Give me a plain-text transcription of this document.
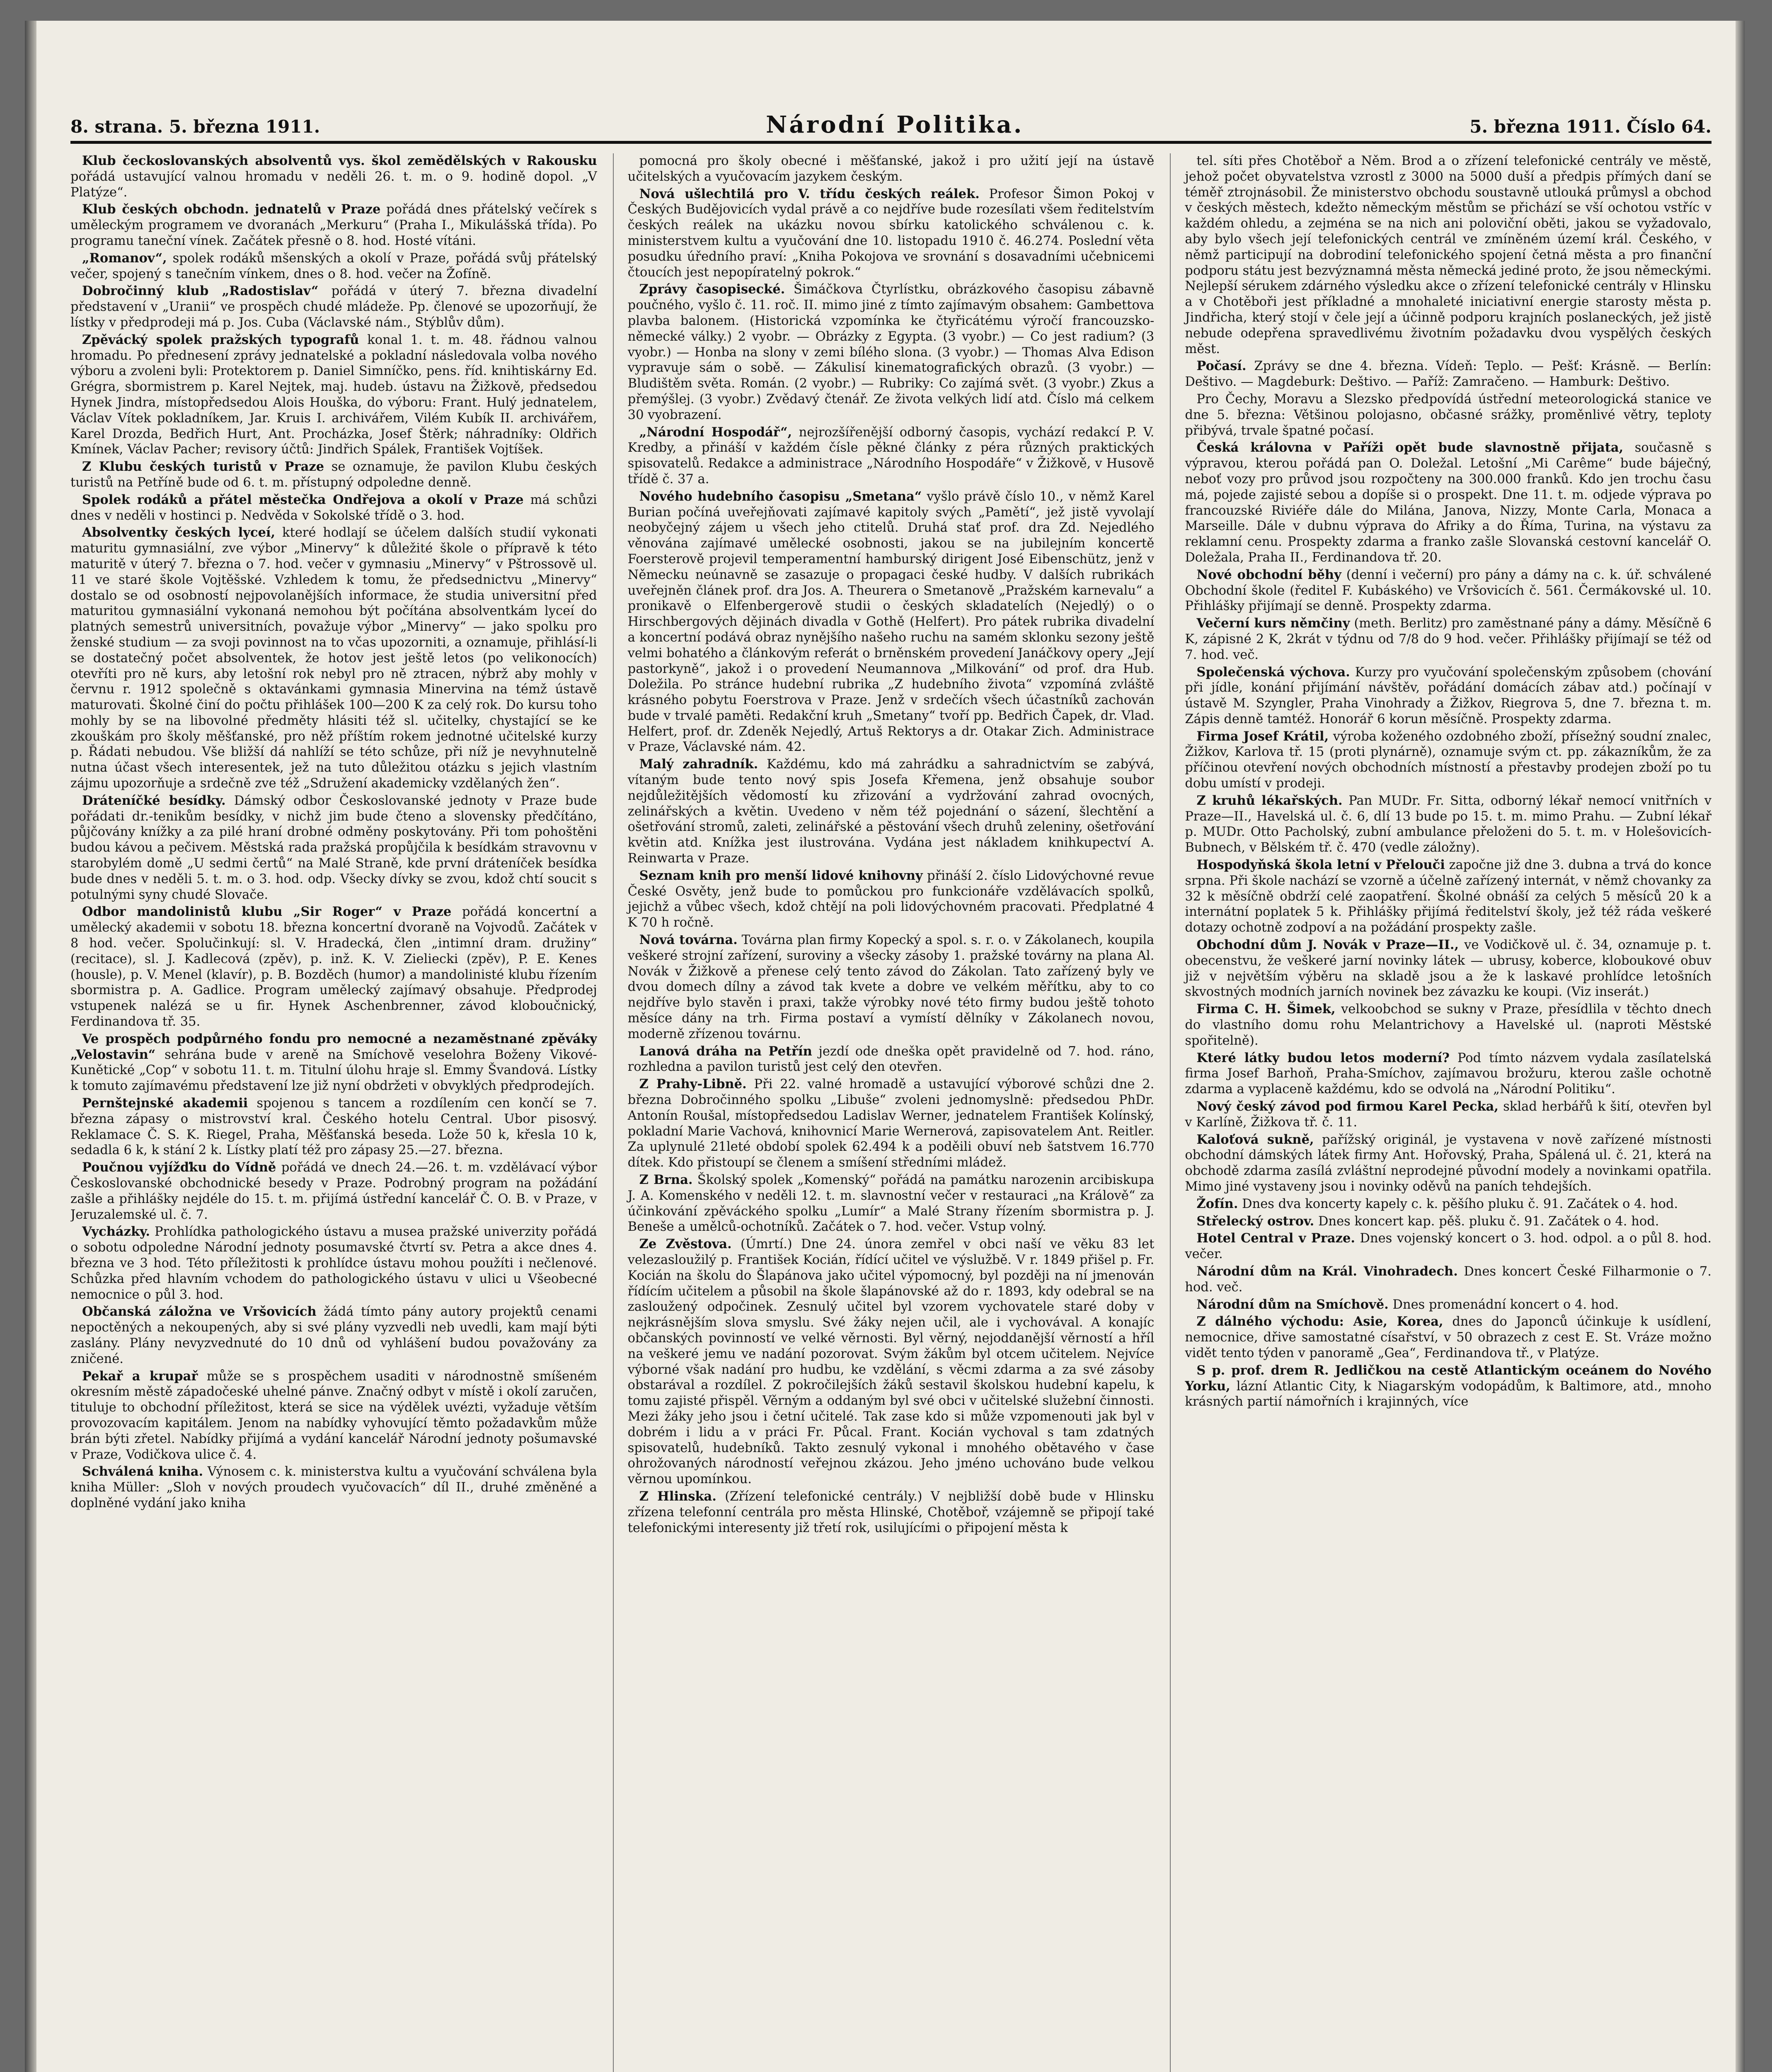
8. strana. 5. března 1911.	Národní Politika.	5. března 1911. Číslo 64.

Klub čeckoslovanských absolventů vys. škol zemědělských v Rakousku pořádá ustavující valnou hromadu v neděli 26. t. m. o 9. hodině dopol. „V Platýze“.

Klub českých obchodn. jednatelů v Praze pořádá dnes přátelský večírek s uměleckým programem ve dvoranách „Merkuru“ (Praha I., Mikulášská třída). Po programu taneční vínek. Začátek přesně o 8. hod. Hosté vítáni.

„Romanov“, spolek rodáků mšenských a okolí v Praze, pořádá svůj přátelský večer, spojený s tanečním vínkem, dnes o 8. hod. večer na Žofíně.

Dobročinný klub „Radostislav“ pořádá v úterý 7. března divadelní představení v „Uranii“ ve prospěch chudé mládeže. Pp. členové se upozorňují, že lístky v předprodeji má p. Jos. Cuba (Václavské nám., Stýblův dům).

Zpěvácký spolek pražských typografů konal 1. t. m. 48. řádnou valnou hromadu. Po přednesení zprávy jednatelské a pokladní následovala volba nového výboru a zvoleni byli: Protektorem p. Daniel Simníčko, pens. říd. knihtiskárny Ed. Grégra, sbormistrem p. Karel Nejtek, maj. hudeb. ústavu na Žižkově, předsedou Hynek Jindra, místopředsedou Alois Houška, do výboru: Frant. Hulý jednatelem, Václav Vítek pokladníkem, Jar. Kruis I. archivářem, Vilém Kubík II. archivářem, Karel Drozda, Bedřich Hurt, Ant. Procházka, Josef Štěrk; náhradníky: Oldřich Kmínek, Václav Pacher; revisory účtů: Jindřich Spálek, František Vojtíšek.

Z Klubu českých turistů v Praze se oznamuje, že pavilon Klubu českých turistů na Petříně bude od 6. t. m. přístupný odpoledne denně.

Spolek rodáků a přátel městečka Ondřejova a okolí v Praze má schůzi dnes v neděli v hostinci p. Nedvěda v Sokolské třídě o 3. hod.

Absolventky českých lyceí, které hodlají se účelem dalších studií vykonati maturitu gymnasiální, zve výbor „Minervy“ k důležité škole o přípravě k této maturitě v úterý 7. března o 7. hod. večer v gymnasiu „Minervy“ v Pštrossově ul. 11 ve staré škole Vojtěšské. Vzhledem k tomu, že předsednictvu „Minervy“ dostalo se od osobností nejpovolanějších informace, že studia universitní před maturitou gymnasiální vykonaná nemohou být počítána absolventkám lyceí do platných semestrů universitních, považuje výbor „Minervy“ — jako spolku pro ženské studium — za svoji povinnost na to včas upozorniti, a oznamuje, přihlásí-li se dostatečný počet absolventek, že hotov jest ještě letos (po velikonocích) otevříti pro ně kurs, aby letošní rok nebyl pro ně ztracen, nýbrž aby mohly v červnu r. 1912 společně s oktavánkami gymnasia Minervina na témž ústavě maturovati. Školné činí do počtu přihlášek 100—200 K za celý rok. Do kursu toho mohly by se na libovolné předměty hlásiti též sl. učitelky, chystající se ke zkouškám pro školy měšťanské, pro něž příštím rokem jednotné učitelské kurzy p. Řádati nebudou. Vše bližší dá nahlíží se této schůze, při níž je nevyhnutelně nutna účast všech interesentek, jež na tuto důležitou otázku s jejich vlastním zájmu upozorňuje a srdečně zve též „Sdružení akademicky vzdělaných žen“.

Dráteníčké besídky. Dámský odbor Českoslovanské jednoty v Praze bude pořádati dr.-tenikům besídky, v nichž jim bude čteno a slovensky předčítáno, půjčovány knížky a za pilé hraní drobné odměny poskytovány. Při tom pohoštěni budou kávou a pečivem. Městská rada pražská propůjčila k besídkám stravovnu v starobylém domě „U sedmi čertů“ na Malé Straně, kde první dráteníček besídka bude dnes v neděli 5. t. m. o 3. hod. odp. Všecky dívky se zvou, kdož chtí soucit s potulnými syny chudé Slovače.

Odbor mandolinistů klubu „Sir Roger“ v Praze pořádá koncertní a umělecký akademii v sobotu 18. března koncertní dvoraně na Vojvodů. Začátek v 8 hod. večer. Spolučinkují: sl. V. Hradecká, člen „intimní dram. družiny“ (recitace), sl. J. Kadlecová (zpěv), p. inž. K. V. Zieliecki (zpěv), P. E. Kenes (housle), p. V. Menel (klavír), p. B. Bozděch (humor) a mandolinisté klubu řízením sbormistra p. A. Gadlice. Program umělecký zajímavý obsahuje. Předprodej vstupenek nalézá se u fir. Hynek Aschenbrenner, závod kloboučnický, Ferdinandova tř. 35.

Ve prospěch podpůrného fondu pro nemocné a nezaměstnané zpěváky „Velostavin“ sehrána bude v areně na Smíchově veselohra Boženy Vikové-Kunětické „Cop“ v sobotu 11. t. m. Titulní úlohu hraje sl. Emmy Švandová. Lístky k tomuto zajímavému představení lze již nyní obdržeti v obvyklých předprodejích.

Pernštejnské akademii spojenou s tancem a rozdílením cen končí se 7. března zápasy o mistrovství kral. Českého hotelu Central. Ubor pisosvý. Reklamace Č. S. K. Riegel, Praha, Měšťanská beseda. Lože 50 k, křesla 10 k, sedadla 6 k, k stání 2 k. Lístky platí též pro zápasy 25.—27. března.

Poučnou vyjížďku do Vídně pořádá ve dnech 24.—26. t. m. vzdělávací výbor Českoslovanské obchodnické besedy v Praze. Podrobný program na požádání zašle a přihlášky nejdéle do 15. t. m. přijímá ústřední kancelář Č. O. B. v Praze, v Jeruzalemské ul. č. 7.

Vycházky. Prohlídka pathologického ústavu a musea pražské univerzity pořádá o sobotu odpoledne Národní jednoty posumavské čtvrtí sv. Petra a akce dnes 4. března ve 3 hod. Této příležitosti k prohlídce ústavu mohou použíti i nečlenové. Schůzka před hlavním vchodem do pathologického ústavu v ulici u Všeobecné nemocnice o půl 3. hod.

Občanská záložna ve Vršovicích žádá tímto pány autory projektů cenami nepoctěných a nekoupených, aby si své plány vyzvedli neb uvedli, kam mají býti zaslány. Plány nevyzvednuté do 10 dnů od vyhlášení budou považovány za zničené.

Pekař a krupař může se s prospěchem usaditi v národnostně smíšeném okresním městě západočeské uhelné pánve. Značný odbyt v místě i okolí zaručen, tituluje to obchodní příležitost, která se sice na výdělek uvézti, vyžaduje větším provozovacím kapitálem. Jenom na nabídky vyhovující těmto požadavkům může brán býti zřetel. Nabídky přijímá a vydání kancelář Národní jednoty pošumavské v Praze, Vodičkova ulice č. 4.

Schválená kniha. Výnosem c. k. ministerstva kultu a vyučování schválena byla kniha Müller: „Sloh v nových proudech vyučovacích“ díl II., druhé změněné a doplněné vydání jako kniha

pomocná pro školy obecné i měšťanské, jakož i pro užití její na ústavě učitelských a vyučovacím jazykem českým.

Nová ušlechtilá pro V. třídu českých reálek. Profesor Šimon Pokoj v Českých Budějovicích vydal právě a co nejdříve bude rozesílati všem ředitelstvím českých reálek na ukázku novou sbírku katolického schválenou c. k. ministerstvem kultu a vyučování dne 10. listopadu 1910 č. 46.274. Poslední věta posudku úředního praví: „Kniha Pokojova ve srovnání s dosavadními učebnicemi čtoucích jest nepopíratelný pokrok.“

Zprávy časopisecké. Šimáčkova Čtyrlístku, obrázkového časopisu zábavně poučného, vyšlo č. 11. roč. II. mimo jiné z tímto zajímavým obsahem: Gambettova plavba balonem. (Historická vzpomínka ke čtyřicátému výročí francouzsko-německé války.) 2 vyobr. — Obrázky z Egypta. (3 vyobr.) — Co jest radium? (3 vyobr.) — Honba na slony v zemi bílého slona. (3 vyobr.) — Thomas Alva Edison vypravuje sám o sobě. — Zákulisí kinematografických obrazů. (3 vyobr.) — Bludištěm světa. Román. (2 vyobr.) — Rubriky: Co zajímá svět. (3 vyobr.) Zkus a přemýšlej. (3 vyobr.) Zvědavý čtenář. Ze života velkých lidí atd. Číslo má celkem 30 vyobrazení.

„Národní Hospodář“, nejrozšířenější odborný časopis, vychází redakcí P. V. Kredby, a přináší v každém čísle pěkné články z péra různých praktických spisovatelů. Redakce a administrace „Národního Hospodáře“ v Žižkově, v Husově třídě č. 37 a.

Nového hudebního časopisu „Smetana“ vyšlo právě číslo 10., v němž Karel Burian počíná uveřejňovati zajímavé kapitoly svých „Pamětí“, jež jistě vyvolají neobyčejný zájem u všech jeho ctitelů. Druhá stať prof. dra Zd. Nejedlého věnována zajímavé umělecké osobnosti, jakou se na jubilejním koncertě Foersterově projevil temperamentní hamburský dirigent José Eibenschütz, jenž v Německu neúnavně se zasazuje o propagaci české hudby. V dalších rubrikách uveřejněn článek prof. dra Jos. A. Theurera o Smetanově „Pražském karnevalu“ a pronikavě o Elfenbergerově studii o českých skladatelích (Nejedlý) o o Hirschbergových dějinách divadla v Gothě (Helfert). Pro pátek rubrika divadelní a koncertní podává obraz nynějšího našeho ruchu na samém sklonku sezony ještě velmi bohatého a článkovým referát o brněnském provedení Janáčkovy opery „Její pastorkyně“, jakož i o provedení Neumannova „Milkování“ od prof. dra Hub. Doležila. Po stránce hudební rubrika „Z hudebního života“ vzpomíná zvláště krásného pobytu Foerstrova v Praze. Jenž v srdečích všech účastníků zachován bude v trvalé paměti. Redakční kruh „Smetany“ tvoří pp. Bedřich Čapek, dr. Vlad. Helfert, prof. dr. Zdeněk Nejedlý, Artuš Rektorys a dr. Otakar Zich. Administrace v Praze, Václavské nám. 42.

Malý zahradník. Každému, kdo má zahrádku a sahradnictvím se zabývá, vítaným bude tento nový spis Josefa Křemena, jenž obsahuje soubor nejdůležitějších vědomostí ku zřizování a vydržování zahrad ovocných, zelinářských a květin. Uvedeno v něm též pojednání o sázení, šlechtění a ošetřování stromů, zaleti, zelinářské a pěstování všech druhů zeleniny, ošetřování květin atd. Knížka jest ilustrována. Vydána jest nákladem knihkupectví A. Reinwarta v Praze.

Seznam knih pro menší lidové knihovny přináší 2. číslo Lidovýchovné revue České Osvěty, jenž bude to pomůckou pro funkcionáře vzdělávacích spolků, jejichž a vůbec všech, kdož chtějí na poli lidovýchovném pracovati. Předplatné 4 K 70 h ročně.

Nová továrna. Továrna plan firmy Kopecký a spol. s. r. o. v Zákolanech, koupila veškeré strojní zařízení, suroviny a všecky zásoby 1. pražské továrny na plana Al. Novák v Žižkově a přenese celý tento závod do Zákolan. Tato zařízený byly ve dvou domech dílny a závod tak kvete a dobre ve velkém měřítku, aby to co nejdříve bylo stavěn i praxi, takže výrobky nové této firmy budou ještě tohoto měsíce dány na trh. Firma postaví a vymístí dělníky v Zákolanech novou, moderně zřízenou továrnu.

Lanová dráha na Petřín jezdí ode dneška opět pravidelně od 7. hod. ráno, rozhledna a pavilon turistů jest celý den otevřen.

Z Prahy-Libně. Při 22. valné hromadě a ustavující výborové schůzi dne 2. března Dobročinného spolku „Libuše“ zvoleni jednomyslně: předsedou PhDr. Antonín Roušal, místopředsedou Ladislav Werner, jednatelem František Kolínský, pokladní Marie Vachová, knihovnicí Marie Wernerová, zapisovatelem Ant. Reitler. Za uplynulé 21leté období spolek 62.494 k a poděili obuví neb šatstvem 16.770 dítek. Kdo přistoupí se členem a smíšení středními mládež.

Z Brna. Školský spolek „Komenský“ pořádá na památku narozenin arcibiskupa J. A. Komenského v neděli 12. t. m. slavnostní večer v restauraci „na Králově“ za účinkování zpěváckého spolku „Lumír“ a Malé Strany řízením sbormistra p. J. Beneše a umělců-ochotníků. Začátek o 7. hod. večer. Vstup volný.

Ze Zvěstova. (Úmrtí.) Dne 24. února zemřel v obci naší ve věku 83 let velezasloužilý p. František Kocián, řídící učitel ve výslužbě. V r. 1849 přišel p. Fr. Kocián na školu do Šlapánova jako učitel výpomocný, byl později na ní jmenován řídícím učitelem a působil na škole šlapánovské až do r. 1893, kdy odebral se na zasloužený odpočinek. Zesnulý učitel byl vzorem vychovatele staré doby v nejkrásnějším slova smyslu. Své žáky nejen učil, ale i vychovával. A konajíc občanských povinností ve velké věrnosti. Byl věrný, nejoddanější věrností a hříl na veškeré jemu ve nadání pozorovat. Svým žákům byl otcem učitelem. Nejvíce výborné však nadání pro hudbu, ke vzdělání, s věcmi zdarma a za své zásoby obstarával a rozdílel. Z pokročilejších žáků sestavil školskou hudební kapelu, k tomu zajisté přispěl. Věrným a oddaným byl své obci v učitelské služební činnosti. Mezi žáky jeho jsou i četní učitelé. Tak zase kdo si může vzpomenouti jak byl v dobrém i lidu a v práci Fr. Půcal. Frant. Kocián vychoval s tam zdatných spisovatelů, hudebníků. Takto zesnulý vykonal i mnohého obětavého v čase ohrožovaných národností veřejnou zkázou. Jeho jméno uchováno bude velkou věrnou upomínkou.

Z Hlinska. (Zřízení telefonické centrály.) V nejbližší době bude v Hlinsku zřízena telefonní centrála pro města Hlinské, Chotěboř, vzájemně se připojí také telefonickými interesenty již třetí rok, usilujícími o připojení města k

tel. síti přes Chotěboř a Něm. Brod a o zřízení telefonické centrály ve městě, jehož počet obyvatelstva vzrostl z 3000 na 5000 duší a předpis přímých daní se téměř ztrojnásobil. Že ministerstvo obchodu soustavně utlouká průmysl a obchod v českých městech, kdežto německým městům se přichází se vší ochotou vstříc v každém ohledu, a zejména se na nich ani poloviční oběti, jakou se vyžadovalo, aby bylo všech její telefonických centrál ve zmíněném území král. Českého, v němž participují na dobrodiní telefonického spojení četná města a pro finanční podporu státu jest bezvýznamná města německá jediné proto, že jsou německými. Nejlepší sérukem zdárného výsledku akce o zřízení telefonické centrály v Hlinsku a v Chotěboři jest příkladné a mnohaleté iniciativní energie starosty města p. Jindřicha, který stojí v čele její a účinně podporu krajních poslaneckých, jež jistě nebude odepřena spravedlivému životním požadavku dvou vyspělých českých měst.

Počasí. Zprávy se dne 4. března. Vídeň: Teplo. — Pešť: Krásně. — Berlín: Deštivo. — Magdeburk: Deštivo. — Paříž: Zamračeno. — Hamburk: Deštivo.

Pro Čechy, Moravu a Slezsko předpovídá ústřední meteorologická stanice ve dne 5. března: Většinou polojasno, občasné srážky, proměnlivé větry, teploty přibývá, trvale špatné počasí.

Česká královna v Paříži opět bude slavnostně přijata, současně s výpravou, kterou pořádá pan O. Doležal. Letošní „Mi Carême“ bude báječný, neboť vozy pro průvod jsou rozpočteny na 300.000 franků. Kdo jen trochu času má, pojede zajisté sebou a dopíše si o prospekt. Dne 11. t. m. odjede výprava po francouzské Riviéře dále do Milána, Janova, Nizzy, Monte Carla, Monaca a Marseille. Dále v dubnu výprava do Afriky a do Říma, Turina, na výstavu za reklamní cenu. Prospekty zdarma a franko zašle Slovanská cestovní kancelář O. Doležala, Praha II., Ferdinandova tř. 20.

Nové obchodní běhy (denní i večerní) pro pány a dámy na c. k. úř. schválené Obchodní škole (ředitel F. Kubáského) ve Vršovicích č. 561. Čermákovské ul. 10. Přihlášky přijímají se denně. Prospekty zdarma.

Večerní kurs němčiny (meth. Berlitz) pro zaměstnané pány a dámy. Měsíčně 6 K, zápisné 2 K, 2krát v týdnu od 7/8 do 9 hod. večer. Přihlášky přijímají se též od 7. hod. več.

Společenská výchova. Kurzy pro vyučování společenským způsobem (chování při jídle, konání přijímání návštěv, pořádání domácích zábav atd.) počínají v ústavě M. Szyngler, Praha Vinohrady a Žižkov, Riegrova 5, dne 7. března t. m. Zápis denně tamtéž. Honorář 6 korun měsíčně. Prospekty zdarma.

Firma Josef Krátil, výroba koženého ozdobného zboží, přísežný soudní znalec, Žižkov, Karlova tř. 15 (proti plynárně), oznamuje svým ct. pp. zákazníkům, že za příčinou otevření nových obchodních místností a přestavby prodejen zboží po tu dobu umístí v prodeji.

Z kruhů lékařských. Pan MUDr. Fr. Sitta, odborný lékař nemocí vnitřních v Praze—II., Havelská ul. č. 6, dlí 13 bude po 15. t. m. mimo Prahu. — Zubní lékař p. MUDr. Otto Pacholský, zubní ambulance přeloženi do 5. t. m. v Holešovicích-Bubnech, v Bělském tř. č. 470 (vedle záložny).

Hospodyňská škola letní v Přelouči započne již dne 3. dubna a trvá do konce srpna. Při škole nachází se vzorně a účelně zařízený internát, v němž chovanky za 32 k měsíčně obdrží celé zaopatření. Školné obnáší za celých 5 měsíců 20 k a internátní poplatek 5 k. Přihlášky přijímá ředitelství školy, jež též ráda veškeré dotazy ochotně zodpoví a na požádání prospekty zašle.

Obchodní dům J. Novák v Praze—II., ve Vodičkově ul. č. 34, oznamuje p. t. obecenstvu, že veškeré jarní novinky látek — ubrusy, koberce, kloboukové obuv již v největším výběru na skladě jsou a že k laskavé prohlídce letošních skvostných modních jarních novinek bez závazku ke koupi. (Viz inserát.)

Firma C. H. Šimek, velkoobchod se sukny v Praze, přesídlila v těchto dnech do vlastního domu rohu Melantrichovy a Havelské ul. (naproti Městské spořitelně).

Které látky budou letos moderní? Pod tímto názvem vydala zasílatelská firma Josef Barhoň, Praha-Smíchov, zajímavou brožuru, kterou zašle ochotně zdarma a vyplaceně každému, kdo se odvolá na „Národní Politiku“.

Nový český závod pod firmou Karel Pecka, sklad herbářů k šití, otevřen byl v Karlíně, Žižkova tř. č. 11.

Kaloťová sukně, pařížský originál, je vystavena v nově zařízené místnosti obchodní dámských látek firmy Ant. Hořovský, Praha, Spálená ul. č. 21, která na obchodě zdarma zasílá zvláštní neprodejné původní modely a novinkami opatřila. Mimo jiné vystaveny jsou i novinky oděvů na paních tehdejších.

Žofín. Dnes dva koncerty kapely c. k. pěšího pluku č. 91. Začátek o 4. hod.

Střelecký ostrov. Dnes koncert kap. pěš. pluku č. 91. Začátek o 4. hod.

Hotel Central v Praze. Dnes vojenský koncert o 3. hod. odpol. a o půl 8. hod. večer.

Národní dům na Král. Vinohradech. Dnes koncert České Filharmonie o 7. hod. več.

Národní dům na Smíchově. Dnes promenádní koncert o 4. hod.

Z dálného východu: Asie, Korea, dnes do Japonců účinkuje k usídlení, nemocnice, dřive samostatné císařství, v 50 obrazech z cest E. St. Vráze možno vidět tento týden v panoramě „Gea“, Ferdinandova tř., v Platýze.

S p. prof. drem R. Jedličkou na cestě Atlantickým oceánem do Nového Yorku, lázní Atlantic City, k Niagarským vodopádům, k Baltimore, atd., mnoho krásných partií námořních i krajinných, více
